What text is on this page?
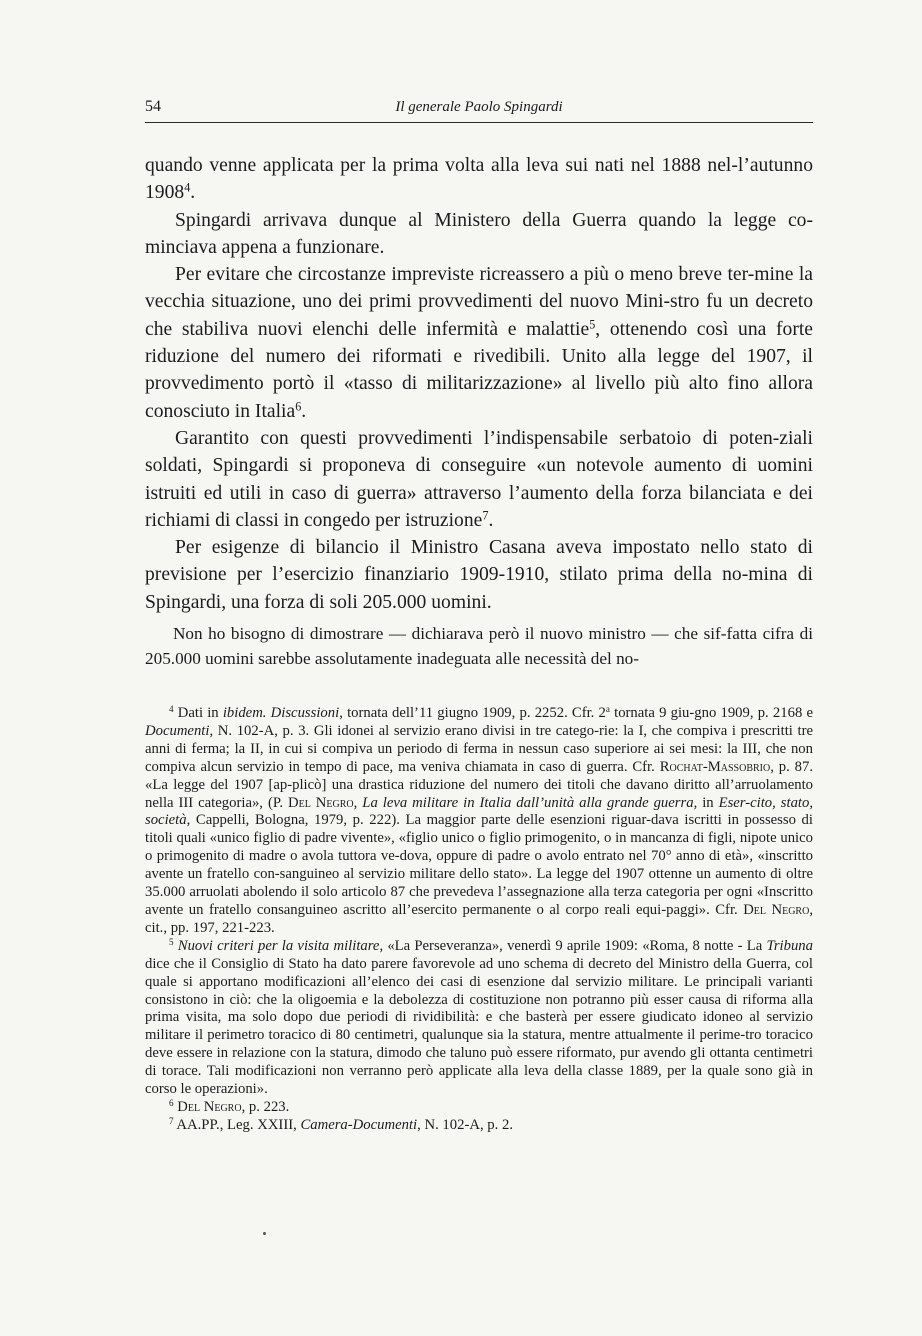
54	Il generale Paolo Spingardi

quando venne applicata per la prima volta alla leva sui nati nel 1888 nel-l’autunno 1908$^4$.

Spingardi arrivava dunque al Ministero della Guerra quando la legge co-minciava appena a funzionare.

Per evitare che circostanze impreviste ricreassero a più o meno breve ter-mine la vecchia situazione, uno dei primi provvedimenti del nuovo Mini-stro fu un decreto che stabiliva nuovi elenchi delle infermità e malattie$^5$, ottenendo così una forte riduzione del numero dei riformati e rivedibili. Unito alla legge del 1907, il provvedimento portò il «tasso di militarizzazione» al livello più alto fino allora conosciuto in Italia$^6$.

Garantito con questi provvedimenti l’indispensabile serbatoio di poten-ziali soldati, Spingardi si proponeva di conseguire «un notevole aumento di uomini istruiti ed utili in caso di guerra» attraverso l’aumento della forza bilanciata e dei richiami di classi in congedo per istruzione$^7$.

Per esigenze di bilancio il Ministro Casana aveva impostato nello stato di previsione per l’esercizio finanziario 1909-1910, stilato prima della no-mina di Spingardi, una forza di soli 205.000 uomini.

Non ho bisogno di dimostrare — dichiarava però il nuovo ministro — che sif-fatta cifra di 205.000 uomini sarebbe assolutamente inadeguata alle necessità del no-

$^4$ Dati in ibidem. Discussioni, tornata dell’11 giugno 1909, p. 2252. Cfr. 2$^a$ tornata 9 giu-gno 1909, p. 2168 e Documenti, N. 102-A, p. 3. Gli idonei al servizio erano divisi in tre catego-rie: la I, che compiva i prescritti tre anni di ferma; la II, in cui si compiva un periodo di ferma in nessun caso superiore ai sei mesi: la III, che non compiva alcun servizio in tempo di pace, ma veniva chiamata in caso di guerra. Cfr. Rochat-Massobrio, p. 87. «La legge del 1907 [ap-plicò] una drastica riduzione del numero dei titoli che davano diritto all’arruolamento nella III categoria», (P. Del Negro, La leva militare in Italia dall’unità alla grande guerra, in Eser-cito, stato, società, Cappelli, Bologna, 1979, p. 222). La maggior parte delle esenzioni riguar-dava iscritti in possesso di titoli quali «unico figlio di padre vivente», «figlio unico o figlio primogenito, o in mancanza di figli, nipote unico o primogenito di madre o avola tuttora ve-dova, oppure di padre o avolo entrato nel 70° anno di età», «inscritto avente un fratello con-sanguineo al servizio militare dello stato». La legge del 1907 ottenne un aumento di oltre 35.000 arruolati abolendo il solo articolo 87 che prevedeva l’assegnazione alla terza categoria per ogni «Inscritto avente un fratello consanguineo ascritto all’esercito permanente o al corpo reali equi-paggi». Cfr. Del Negro, cit., pp. 197, 221-223.

$^5$ Nuovi criteri per la visita militare, «La Perseveranza», venerdì 9 aprile 1909: «Roma, 8 notte - La Tribuna dice che il Consiglio di Stato ha dato parere favorevole ad uno schema di decreto del Ministro della Guerra, col quale si apportano modificazioni all’elenco dei casi di esenzione dal servizio militare. Le principali varianti consistono in ciò: che la oligoemia e la debolezza di costituzione non potranno più esser causa di riforma alla prima visita, ma solo dopo due periodi di rividibilità: e che basterà per essere giudicato idoneo al servizio militare il perimetro toracico di 80 centimetri, qualunque sia la statura, mentre attualmente il perime-tro toracico deve essere in relazione con la statura, dimodo che taluno può essere riformato, pur avendo gli ottanta centimetri di torace. Tali modificazioni non verranno però applicate alla leva della classe 1889, per la quale sono già in corso le operazioni».

$^6$ Del Negro, p. 223.

$^7$ AA.PP., Leg. XXIII, Camera-Documenti, N. 102-A, p. 2.
